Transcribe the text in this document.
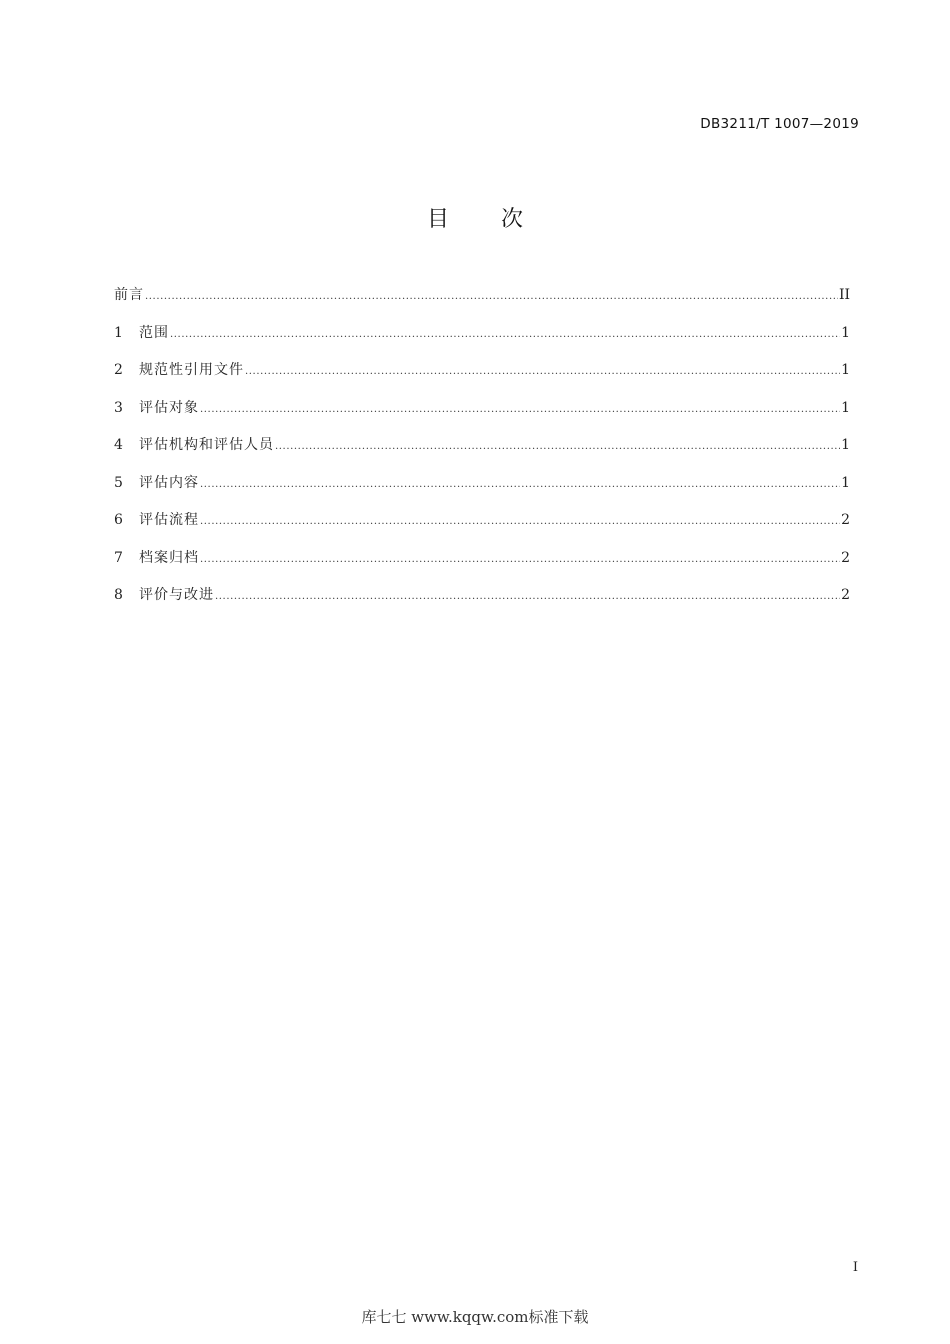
DB3211/T 1007—2019
目 次
前言 .....	II
1	范围 .....	1
2	规范性引用文件 .....	1
3	评估对象 .....	1
4	评估机构和评估人员 .....	1
5	评估内容 .....	1
6	评估流程 .....	2
7	档案归档 .....	2
8	评价与改进 .....	2
I
库七七 www.kqqw.com标准下载
